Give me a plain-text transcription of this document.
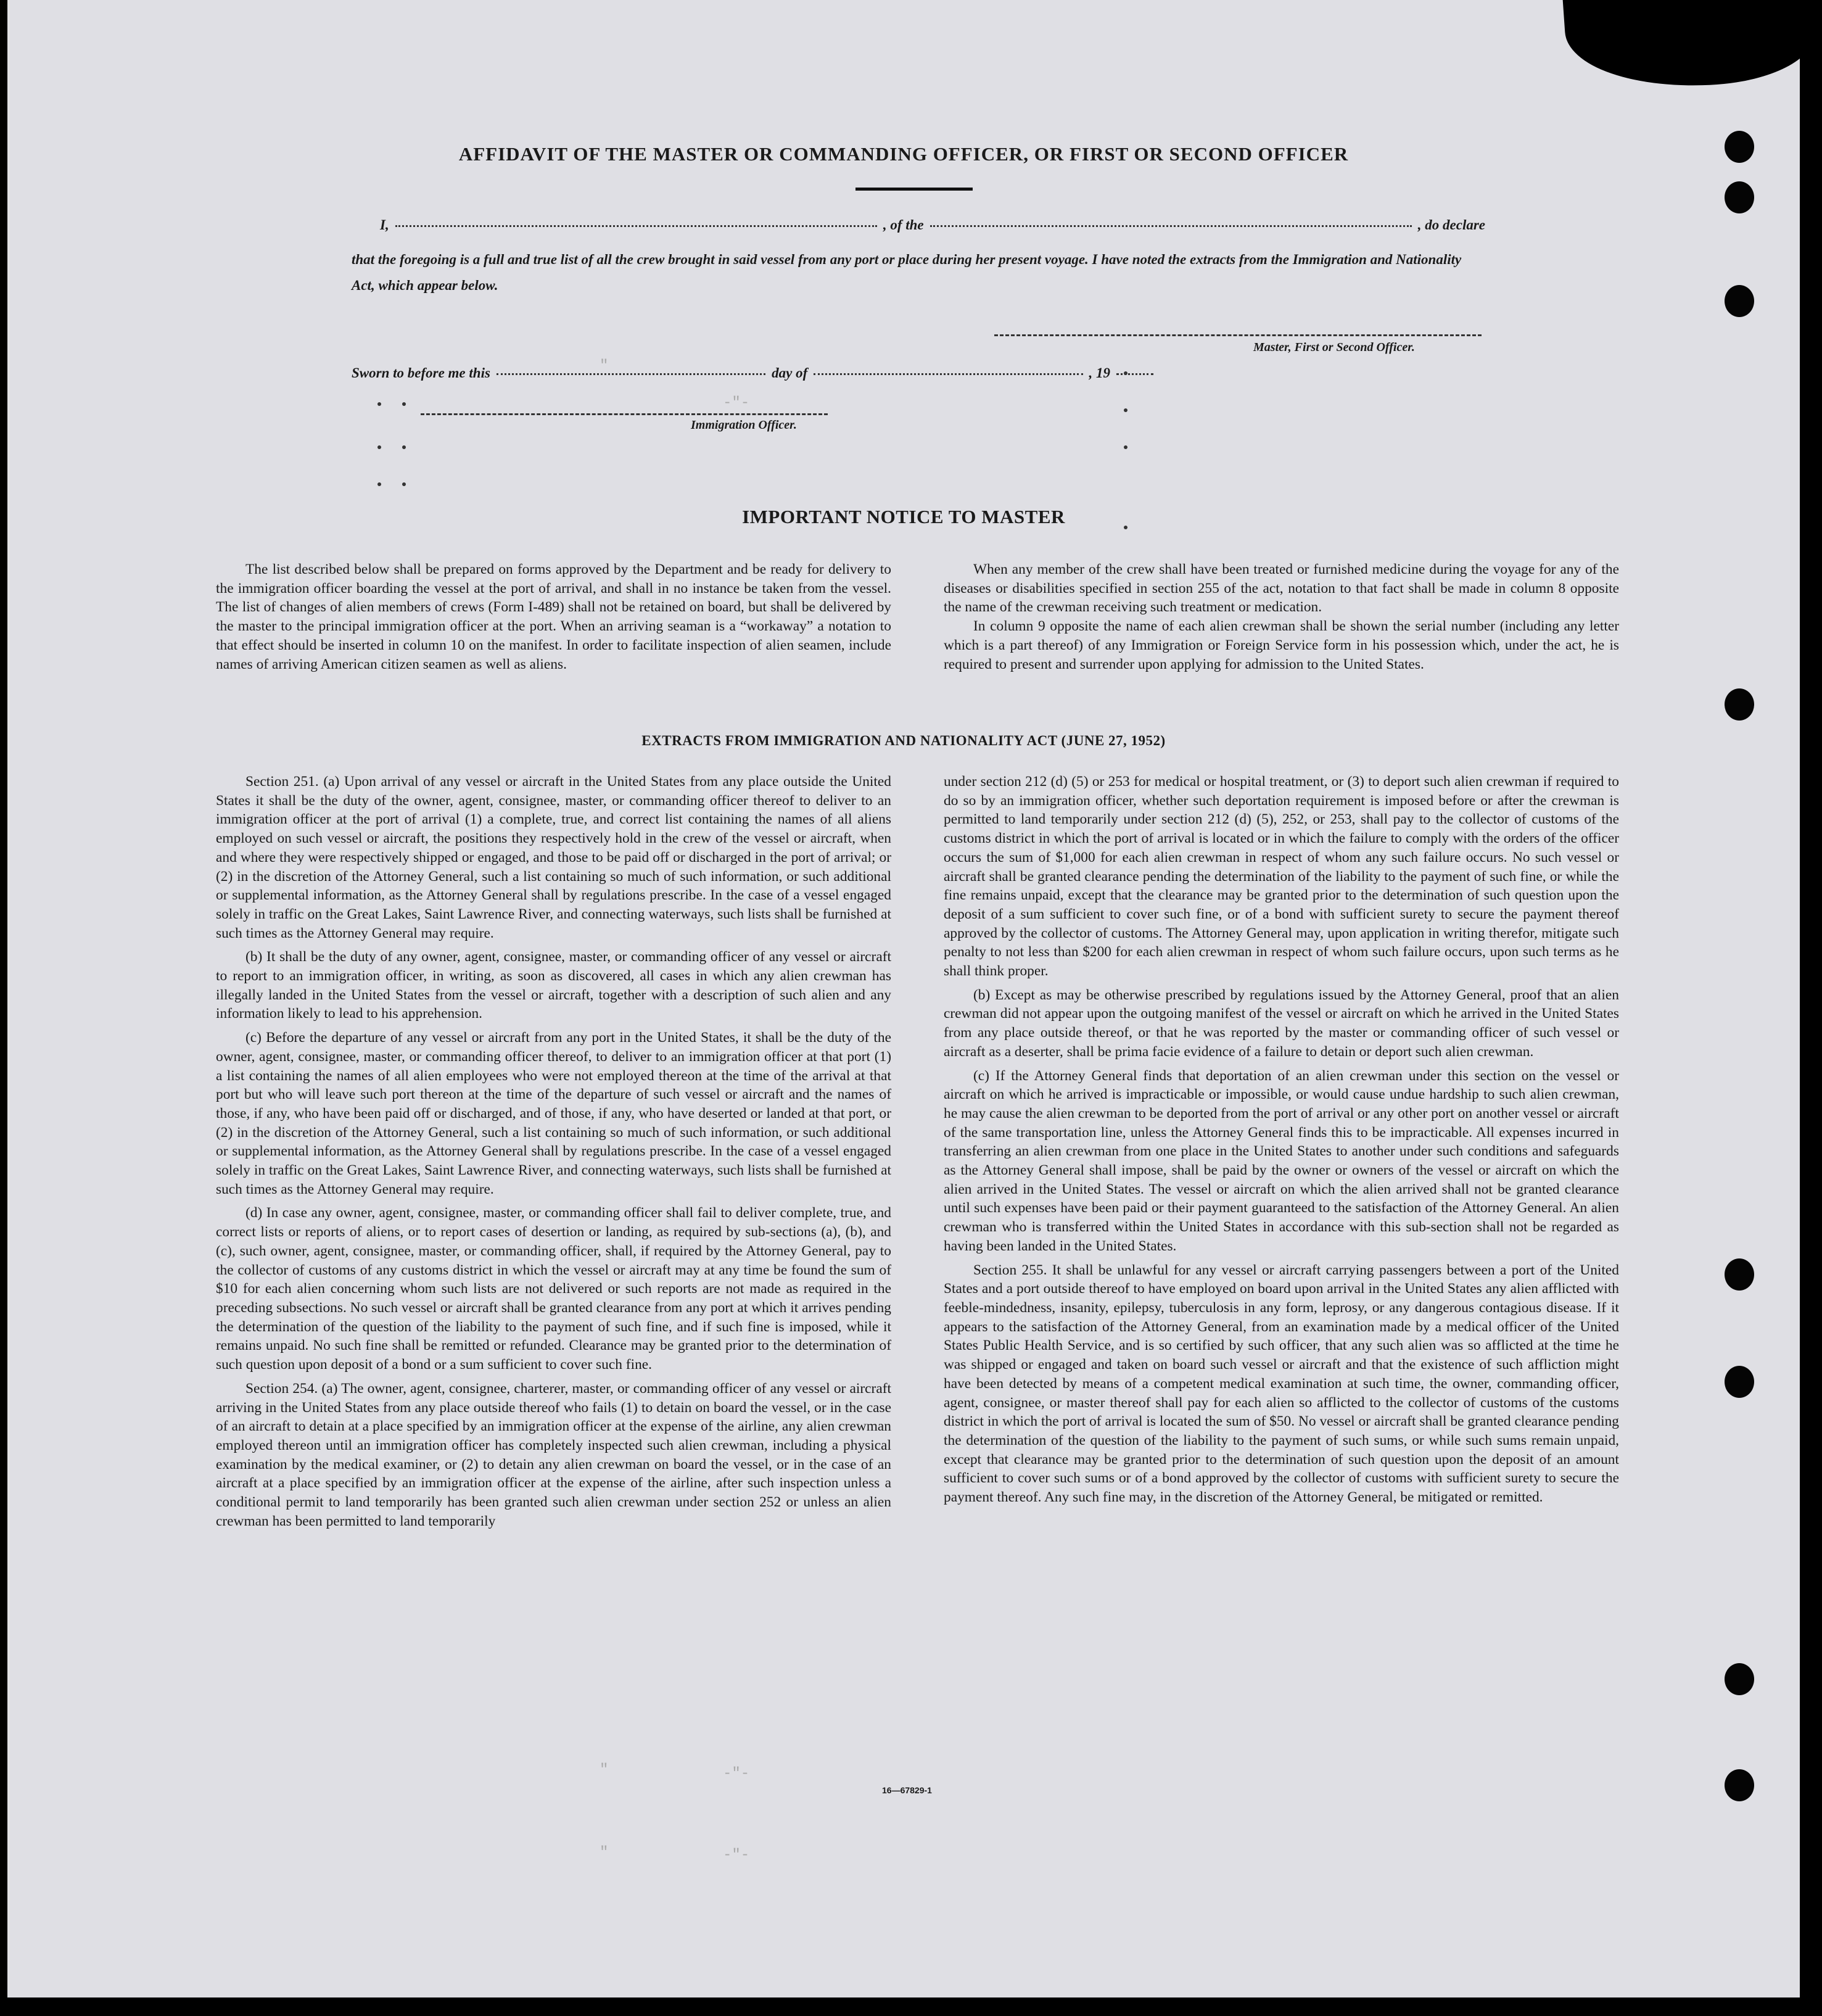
"
-"-
"	-"-
"	-"-
AFFIDAVIT OF THE MASTER OR COMMANDING OFFICER, OR FIRST OR SECOND OFFICER
I,	, of the	, do declare
that the foregoing is a full and true list of all the crew brought in said vessel from any port or place during her present voyage. I have noted the extracts from the Immigration and Nationality Act, which appear below.
Master, First or Second Officer.
Sworn to before me this	day of	, 19
Immigration Officer.
IMPORTANT NOTICE TO MASTER

The list described below shall be prepared on forms approved by the Department and be ready for delivery to the immigration officer boarding the vessel at the port of arrival, and shall in no instance be taken from the vessel. The list of changes of alien members of crews (Form I-489) shall not be retained on board, but shall be delivered by the master to the principal immigration officer at the port. When an arriving seaman is a “workaway” a notation to that effect should be inserted in column 10 on the manifest. In order to facilitate inspection of alien seamen, include names of arriving American citizen seamen as well as aliens.

When any member of the crew shall have been treated or furnished medicine during the voyage for any of the diseases or disabilities specified in section 255 of the act, notation to that fact shall be made in column 8 opposite the name of the crewman receiving such treatment or medication.

In column 9 opposite the name of each alien crewman shall be shown the serial number (including any letter which is a part thereof) of any Immigration or Foreign Service form in his possession which, under the act, he is required to present and surrender upon applying for admission to the United States.

EXTRACTS FROM IMMIGRATION AND NATIONALITY ACT (JUNE 27, 1952)

Section 251. (a) Upon arrival of any vessel or aircraft in the United States from any place outside the United States it shall be the duty of the owner, agent, consignee, master, or commanding officer thereof to deliver to an immigration officer at the port of arrival (1) a complete, true, and correct list containing the names of all aliens employed on such vessel or aircraft, the positions they respectively hold in the crew of the vessel or aircraft, when and where they were respectively shipped or engaged, and those to be paid off or discharged in the port of arrival; or (2) in the discretion of the Attorney General, such a list containing so much of such information, or such additional or supplemental information, as the Attorney General shall by regulations prescribe. In the case of a vessel engaged solely in traffic on the Great Lakes, Saint Lawrence River, and connecting waterways, such lists shall be furnished at such times as the Attorney General may require.

(b) It shall be the duty of any owner, agent, consignee, master, or commanding officer of any vessel or aircraft to report to an immigration officer, in writing, as soon as discovered, all cases in which any alien crewman has illegally landed in the United States from the vessel or aircraft, together with a description of such alien and any information likely to lead to his apprehension.

(c) Before the departure of any vessel or aircraft from any port in the United States, it shall be the duty of the owner, agent, consignee, master, or commanding officer thereof, to deliver to an immigration officer at that port (1) a list containing the names of all alien employees who were not employed thereon at the time of the arrival at that port but who will leave such port thereon at the time of the departure of such vessel or aircraft and the names of those, if any, who have been paid off or discharged, and of those, if any, who have deserted or landed at that port, or (2) in the discretion of the Attorney General, such a list containing so much of such information, or such additional or supplemental information, as the Attorney General shall by regulations prescribe. In the case of a vessel engaged solely in traffic on the Great Lakes, Saint Lawrence River, and connecting waterways, such lists shall be furnished at such times as the Attorney General may require.

(d) In case any owner, agent, consignee, master, or commanding officer shall fail to deliver complete, true, and correct lists or reports of aliens, or to report cases of desertion or landing, as required by sub-sections (a), (b), and (c), such owner, agent, consignee, master, or commanding officer, shall, if required by the Attorney General, pay to the collector of customs of any customs district in which the vessel or aircraft may at any time be found the sum of $10 for each alien concerning whom such lists are not delivered or such reports are not made as required in the preceding subsections. No such vessel or aircraft shall be granted clearance from any port at which it arrives pending the determination of the question of the liability to the payment of such fine, and if such fine is imposed, while it remains unpaid. No such fine shall be remitted or refunded. Clearance may be granted prior to the determination of such question upon deposit of a bond or a sum sufficient to cover such fine.

Section 254. (a) The owner, agent, consignee, charterer, master, or commanding officer of any vessel or aircraft arriving in the United States from any place outside thereof who fails (1) to detain on board the vessel, or in the case of an aircraft to detain at a place specified by an immigration officer at the expense of the airline, any alien crewman employed thereon until an immigration officer has completely inspected such alien crewman, including a physical examination by the medical examiner, or (2) to detain any alien crewman on board the vessel, or in the case of an aircraft at a place specified by an immigration officer at the expense of the airline, after such inspection unless a conditional permit to land temporarily has been granted such alien crewman under section 252 or unless an alien crewman has been permitted to land temporarily

under section 212 (d) (5) or 253 for medical or hospital treatment, or (3) to deport such alien crewman if required to do so by an immigration officer, whether such deportation requirement is imposed before or after the crewman is permitted to land temporarily under section 212 (d) (5), 252, or 253, shall pay to the collector of customs of the customs district in which the port of arrival is located or in which the failure to comply with the orders of the officer occurs the sum of $1,000 for each alien crewman in respect of whom any such failure occurs. No such vessel or aircraft shall be granted clearance pending the determination of the liability to the payment of such fine, or while the fine remains unpaid, except that the clearance may be granted prior to the determination of such question upon the deposit of a sum sufficient to cover such fine, or of a bond with sufficient surety to secure the payment thereof approved by the collector of customs. The Attorney General may, upon application in writing therefor, mitigate such penalty to not less than $200 for each alien crewman in respect of whom such failure occurs, upon such terms as he shall think proper.

(b) Except as may be otherwise prescribed by regulations issued by the Attorney General, proof that an alien crewman did not appear upon the outgoing manifest of the vessel or aircraft on which he arrived in the United States from any place outside thereof, or that he was reported by the master or commanding officer of such vessel or aircraft as a deserter, shall be prima facie evidence of a failure to detain or deport such alien crewman.

(c) If the Attorney General finds that deportation of an alien crewman under this section on the vessel or aircraft on which he arrived is impracticable or impossible, or would cause undue hardship to such alien crewman, he may cause the alien crewman to be deported from the port of arrival or any other port on another vessel or aircraft of the same transportation line, unless the Attorney General finds this to be impracticable. All expenses incurred in transferring an alien crewman from one place in the United States to another under such conditions and safeguards as the Attorney General shall impose, shall be paid by the owner or owners of the vessel or aircraft on which the alien arrived in the United States. The vessel or aircraft on which the alien arrived shall not be granted clearance until such expenses have been paid or their payment guaranteed to the satisfaction of the Attorney General. An alien crewman who is transferred within the United States in accordance with this sub-section shall not be regarded as having been landed in the United States.

Section 255. It shall be unlawful for any vessel or aircraft carrying passengers between a port of the United States and a port outside thereof to have employed on board upon arrival in the United States any alien afflicted with feeble-mindedness, insanity, epilepsy, tuberculosis in any form, leprosy, or any dangerous contagious disease. If it appears to the satisfaction of the Attorney General, from an examination made by a medical officer of the United States Public Health Service, and is so certified by such officer, that any such alien was so afflicted at the time he was shipped or engaged and taken on board such vessel or aircraft and that the existence of such affliction might have been detected by means of a competent medical examination at such time, the owner, commanding officer, agent, consignee, or master thereof shall pay for each alien so afflicted to the collector of customs of the customs district in which the port of arrival is located the sum of $50. No vessel or aircraft shall be granted clearance pending the determination of the question of the liability to the payment of such sums, or while such sums remain unpaid, except that clearance may be granted prior to the determination of such question upon the deposit of an amount sufficient to cover such sums or of a bond approved by the collector of customs with sufficient surety to secure the payment thereof. Any such fine may, in the discretion of the Attorney General, be mitigated or remitted.

16—67829-1
